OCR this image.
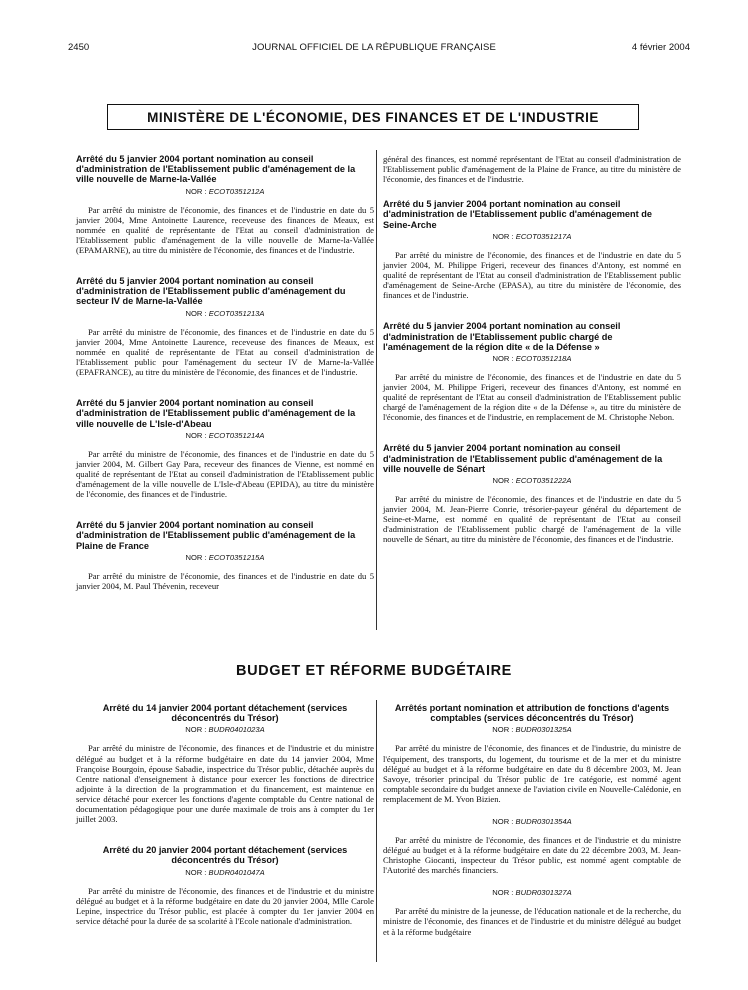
2450	JOURNAL OFFICIEL DE LA RÉPUBLIQUE FRANÇAISE	4 février 2004
MINISTÈRE DE L'ÉCONOMIE, DES FINANCES ET DE L'INDUSTRIE

Arrêté du 5 janvier 2004 portant nomination au conseil d'administration de l'Etablissement public d'aménagement de la ville nouvelle de Marne-la-Vallée

NOR : ECOT0351212A

Par arrêté du ministre de l'économie, des finances et de l'industrie en date du 5 janvier 2004, Mme Antoinette Laurence, receveuse des finances de Meaux, est nommée en qualité de représentante de l'Etat au conseil d'administration de l'Etablissement public d'aménagement de la ville nouvelle de Marne-la-Vallée (EPAMARNE), au titre du ministère de l'économie, des finances et de l'industrie.

Arrêté du 5 janvier 2004 portant nomination au conseil d'administration de l'Etablissement public d'aménagement du secteur IV de Marne-la-Vallée

NOR : ECOT0351213A

Par arrêté du ministre de l'économie, des finances et de l'industrie en date du 5 janvier 2004, Mme Antoinette Laurence, receveuse des finances de Meaux, est nommée en qualité de représentante de l'Etat au conseil d'administration de l'Etablissement public pour l'aménagement du secteur IV de Marne-la-Vallée (EPAFRANCE), au titre du ministère de l'économie, des finances et de l'industrie.

Arrêté du 5 janvier 2004 portant nomination au conseil d'administration de l'Etablissement public d'aménagement de la ville nouvelle de L'Isle-d'Abeau

NOR : ECOT0351214A

Par arrêté du ministre de l'économie, des finances et de l'industrie en date du 5 janvier 2004, M. Gilbert Gay Para, receveur des finances de Vienne, est nommé en qualité de représentant de l'Etat au conseil d'administration de l'Etablissement public d'aménagement de la ville nouvelle de L'Isle-d'Abeau (EPIDA), au titre du ministère de l'économie, des finances et de l'industrie.

Arrêté du 5 janvier 2004 portant nomination au conseil d'administration de l'Etablissement public d'aménagement de la Plaine de France

NOR : ECOT0351215A

Par arrêté du ministre de l'économie, des finances et de l'industrie en date du 5 janvier 2004, M. Paul Thévenin, receveur

général des finances, est nommé représentant de l'Etat au conseil d'administration de l'Etablissement public d'aménagement de la Plaine de France, au titre du ministère de l'économie, des finances et de l'industrie.

Arrêté du 5 janvier 2004 portant nomination au conseil d'administration de l'Etablissement public d'aménagement de Seine-Arche

NOR : ECOT0351217A

Par arrêté du ministre de l'économie, des finances et de l'industrie en date du 5 janvier 2004, M. Philippe Frigeri, receveur des finances d'Antony, est nommé en qualité de représentant de l'Etat au conseil d'administration de l'Etablissement public d'aménagement de Seine-Arche (EPASA), au titre du ministère de l'économie, des finances et de l'industrie.

Arrêté du 5 janvier 2004 portant nomination au conseil d'administration de l'Etablissement public chargé de l'aménagement de la région dite « de la Défense »

NOR : ECOT0351218A

Par arrêté du ministre de l'économie, des finances et de l'industrie en date du 5 janvier 2004, M. Philippe Frigeri, receveur des finances d'Antony, est nommé en qualité de représentant de l'Etat au conseil d'administration de l'Etablissement public chargé de l'aménagement de la région dite « de la Défense », au titre du ministère de l'économie, des finances et de l'industrie, en remplacement de M. Christophe Nebon.

Arrêté du 5 janvier 2004 portant nomination au conseil d'administration de l'Etablissement public d'aménagement de la ville nouvelle de Sénart

NOR : ECOT0351222A

Par arrêté du ministre de l'économie, des finances et de l'industrie en date du 5 janvier 2004, M. Jean-Pierre Conrie, trésorier-payeur général du département de Seine-et-Marne, est nommé en qualité de représentant de l'Etat au conseil d'administration de l'Etablissement public chargé de l'aménagement de la ville nouvelle de Sénart, au titre du ministère de l'économie, des finances et de l'industrie.

BUDGET ET RÉFORME BUDGÉTAIRE

Arrêté du 14 janvier 2004 portant détachement (services déconcentrés du Trésor)

NOR : BUDR0401023A

Par arrêté du ministre de l'économie, des finances et de l'industrie et du ministre délégué au budget et à la réforme budgétaire en date du 14 janvier 2004, Mme Françoise Bourgoin, épouse Sabadie, inspectrice du Trésor public, détachée auprès du Centre national d'enseignement à distance pour exercer les fonctions de directrice adjointe à la direction de la programmation et du financement, est maintenue en service détaché pour exercer les fonctions d'agente comptable du Centre national de documentation pédagogique pour une durée maximale de trois ans à compter du 1er juillet 2003.

Arrêté du 20 janvier 2004 portant détachement (services déconcentrés du Trésor)

NOR : BUDR0401047A

Par arrêté du ministre de l'économie, des finances et de l'industrie et du ministre délégué au budget et à la réforme budgétaire en date du 20 janvier 2004, Mlle Carole Lepine, inspectrice du Trésor public, est placée à compter du 1er janvier 2004 en service détaché pour la durée de sa scolarité à l'Ecole nationale d'administration.

Arrêtés portant nomination et attribution de fonctions d'agents comptables (services déconcentrés du Trésor)

NOR : BUDR0301325A

Par arrêté du ministre de l'économie, des finances et de l'industrie, du ministre de l'équipement, des transports, du logement, du tourisme et de la mer et du ministre délégué au budget et à la réforme budgétaire en date du 8 décembre 2003, M. Jean Savoye, trésorier principal du Trésor public de 1re catégorie, est nommé agent comptable secondaire du budget annexe de l'aviation civile en Nouvelle-Calédonie, en remplacement de M. Yvon Bizien.

NOR : BUDR0301354A

Par arrêté du ministre de l'économie, des finances et de l'industrie et du ministre délégué au budget et à la réforme budgétaire en date du 22 décembre 2003, M. Jean-Christophe Giocanti, inspecteur du Trésor public, est nommé agent comptable de l'Autorité des marchés financiers.

NOR : BUDR0301327A

Par arrêté du ministre de la jeunesse, de l'éducation nationale et de la recherche, du ministre de l'économie, des finances et de l'industrie et du ministre délégué au budget et à la réforme budgétaire
